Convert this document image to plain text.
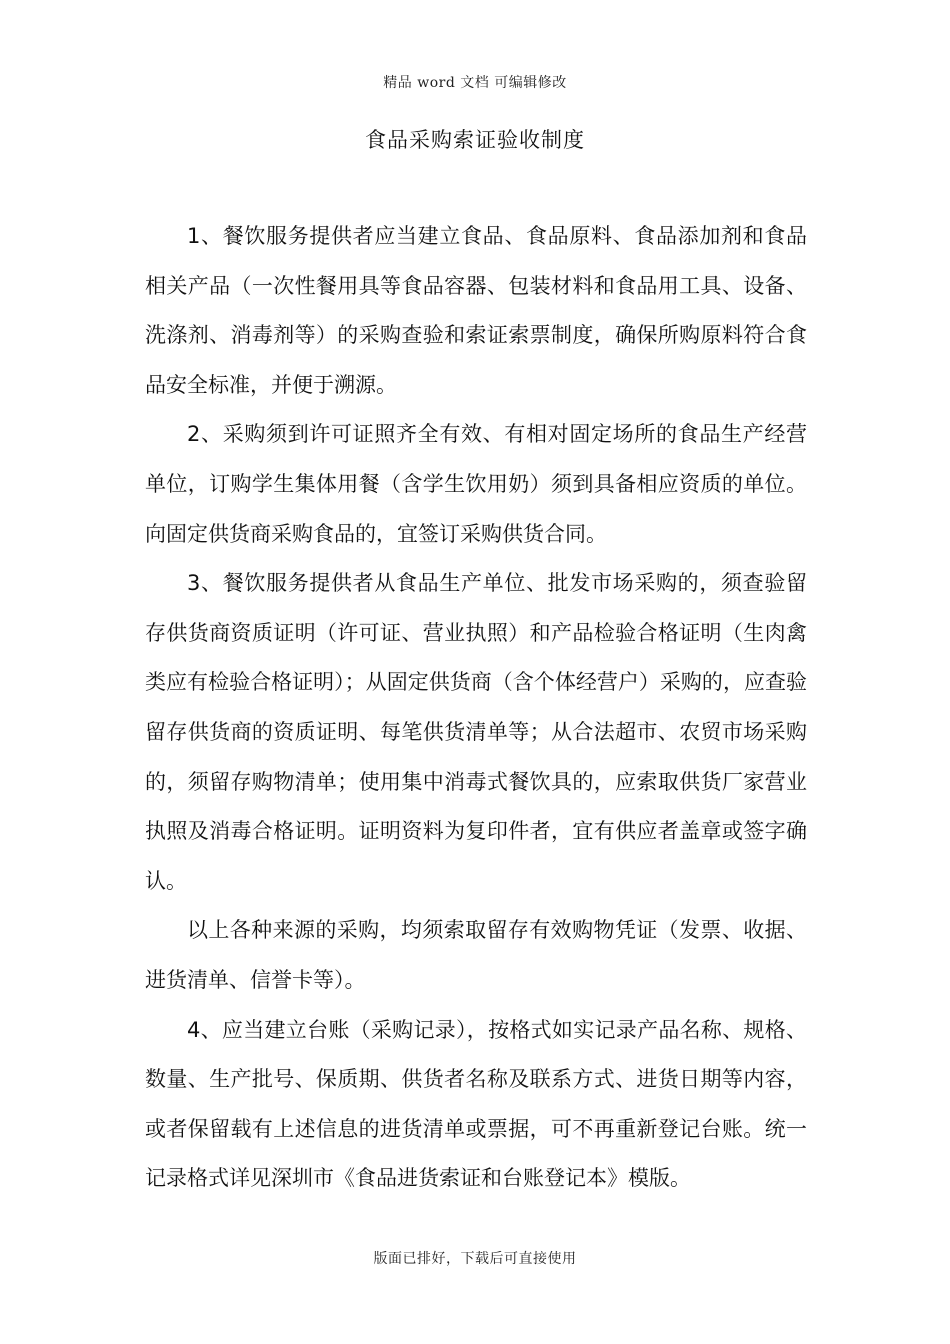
精品 word 文档 可编辑修改
食品采购索证验收制度

1、餐饮服务提供者应当建立食品、食品原料、食品添加剂和食品相关产品（一次性餐用具等食品容器、包装材料和食品用工具、设备、洗涤剂、消毒剂等）的采购查验和索证索票制度，确保所购原料符合食品安全标准，并便于溯源。

2、采购须到许可证照齐全有效、有相对固定场所的食品生产经营单位，订购学生集体用餐（含学生饮用奶）须到具备相应资质的单位。向固定供货商采购食品的，宜签订采购供货合同。

3、餐饮服务提供者从食品生产单位、批发市场采购的，须查验留存供货商资质证明（许可证、营业执照）和产品检验合格证明（生肉禽类应有检验合格证明）；从固定供货商（含个体经营户）采购的，应查验留存供货商的资质证明、每笔供货清单等；从合法超市、农贸市场采购的，须留存购物清单；使用集中消毒式餐饮具的，应索取供货厂家营业执照及消毒合格证明。证明资料为复印件者，宜有供应者盖章或签字确认。

以上各种来源的采购，均须索取留存有效购物凭证（发票、收据、进货清单、信誉卡等）。

4、应当建立台账（采购记录），按格式如实记录产品名称、规格、数量、生产批号、保质期、供货者名称及联系方式、进货日期等内容，或者保留载有上述信息的进货清单或票据，可不再重新登记台账。统一记录格式详见深圳市《食品进货索证和台账登记本》模版。

版面已排好，下载后可直接使用
